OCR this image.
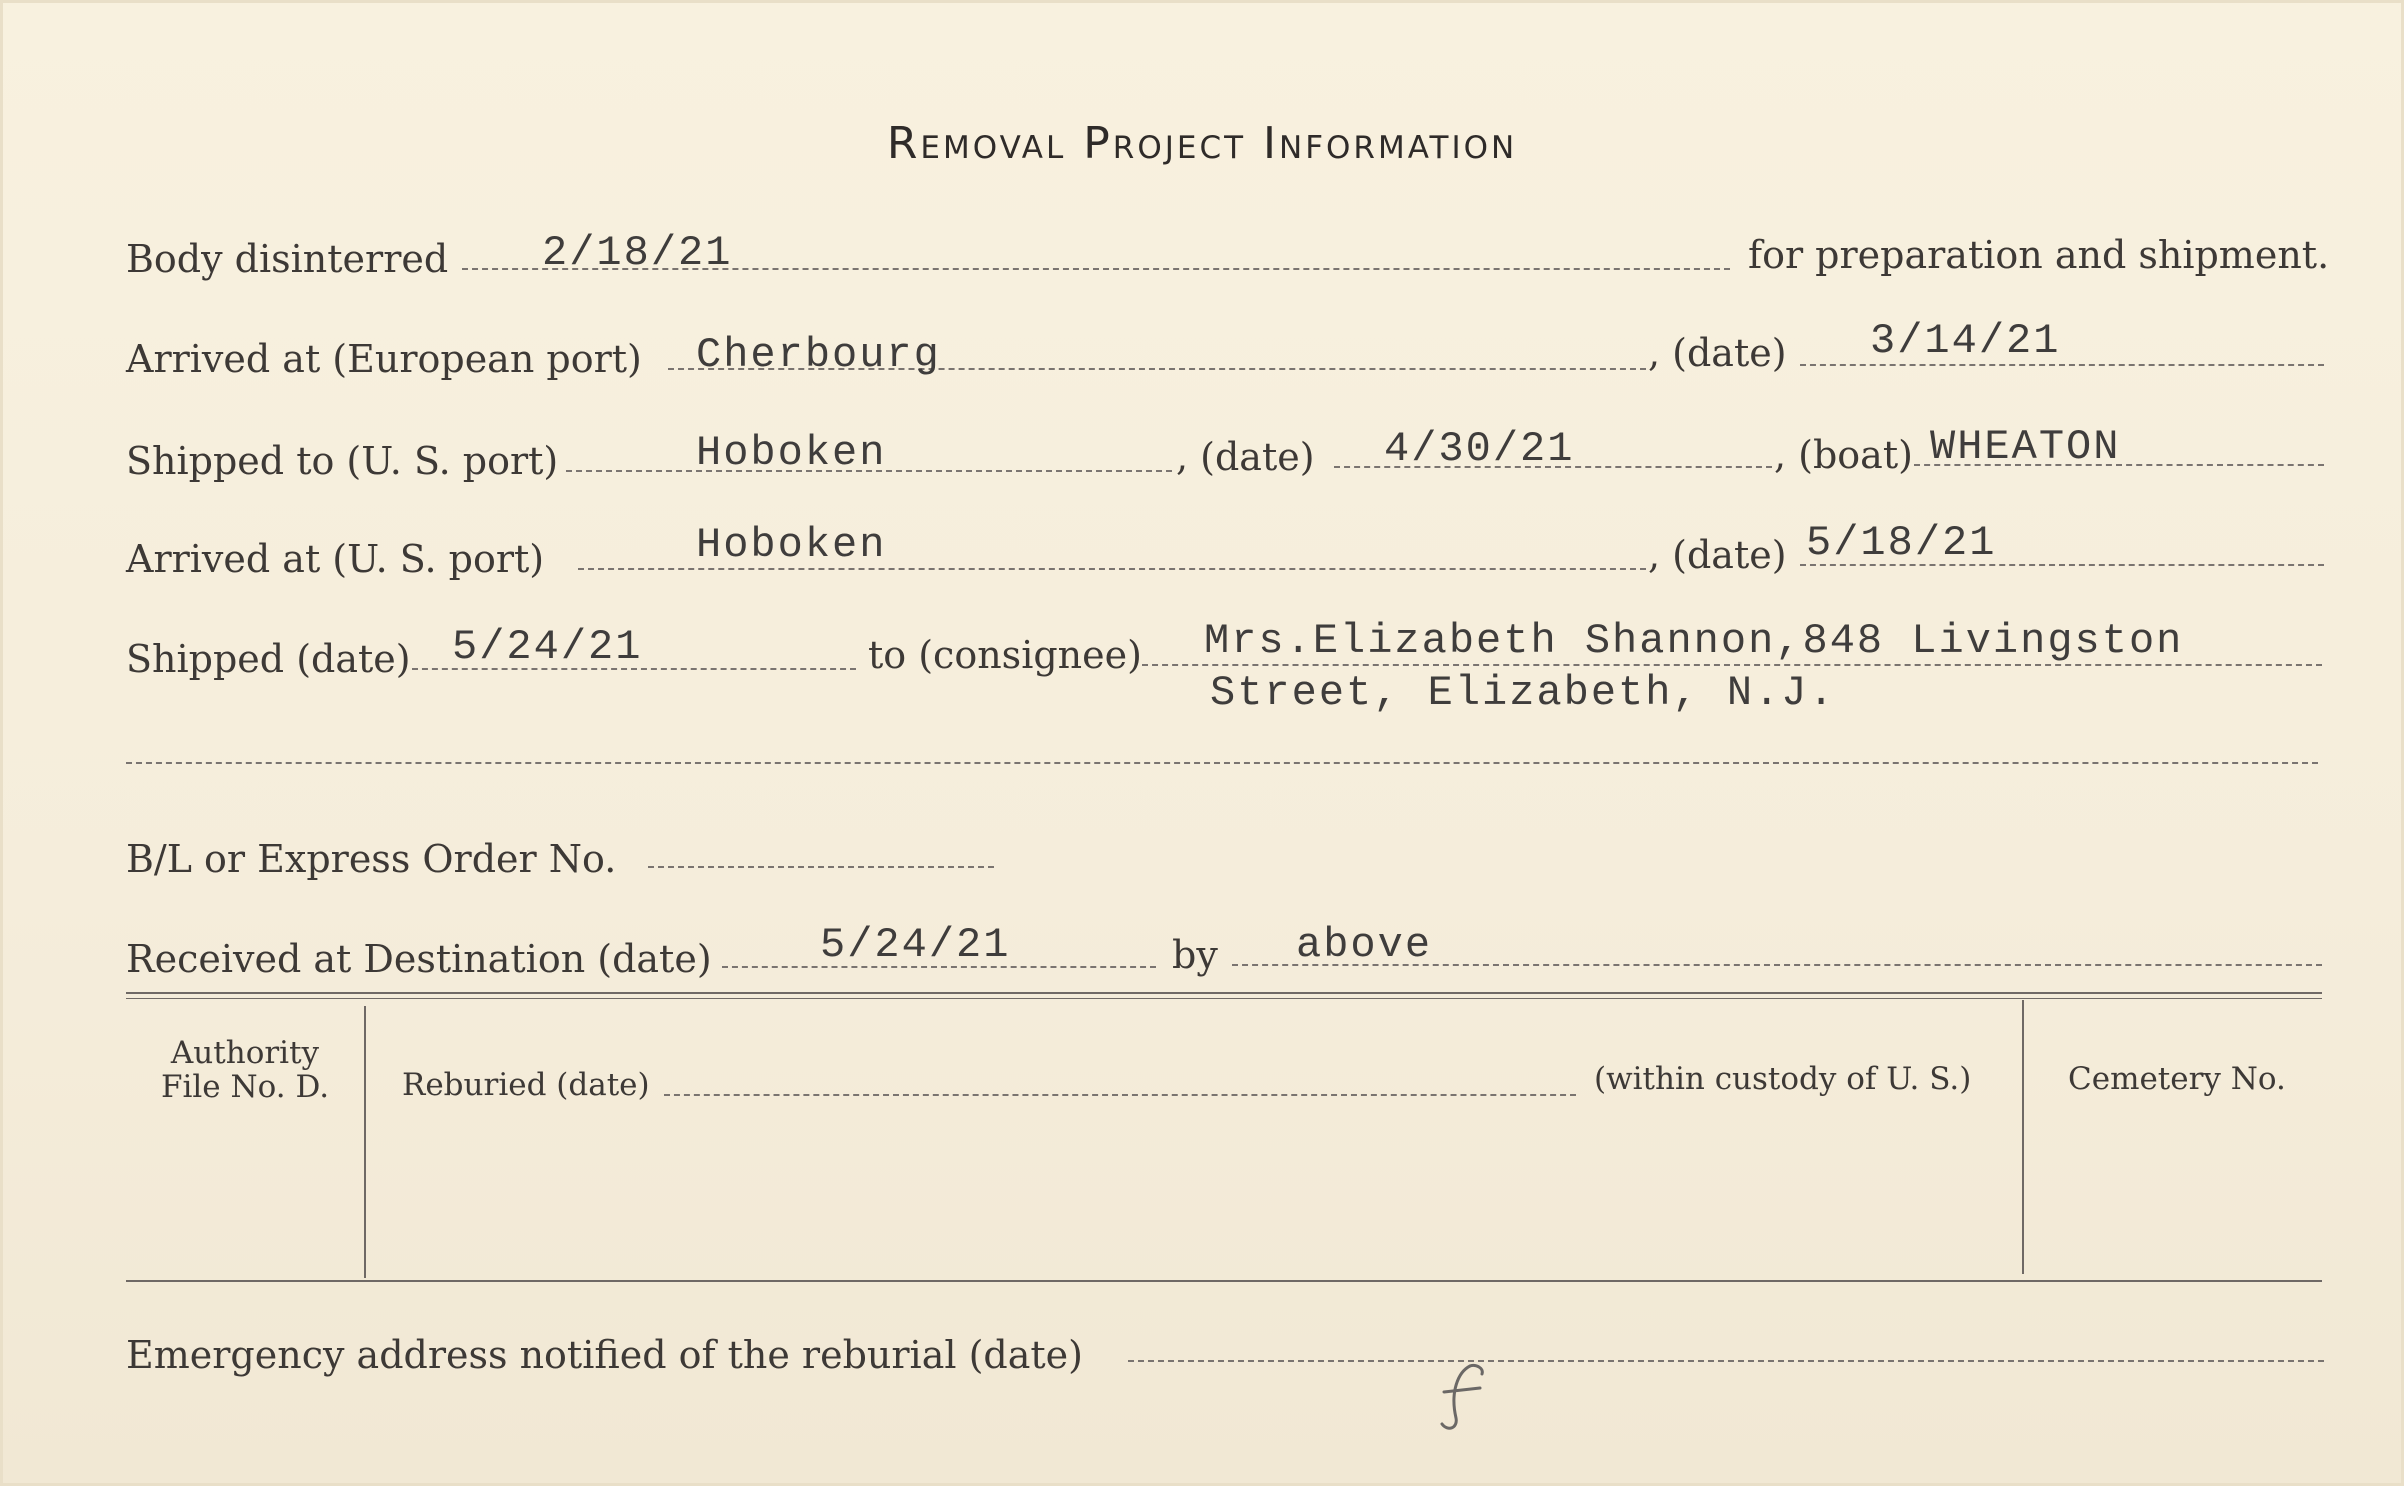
Removal Project Information
Body disinterred 2/18/21	for preparation and shipment.
Arrived at (European port) Cherbourg	, (date) 3/14/21
Shipped to (U. S. port)	Hoboken	, (date) 4/30/21	, (boat) WHEATON
Arrived at (U. S. port)	Hoboken	, (date) 5/18/21
Shipped (date) 5/24/21	to (consignee) Mrs.Elizabeth Shannon,848 Livingston
Street, Elizabeth, N.J.
B/L or Express Order No.
Received at Destination (date)	5/24/21	by above
Authority
File No. D.	Reburied (date)	(within custody of U. S.)	Cemetery No.
Emergency address notified of the reburial (date)
